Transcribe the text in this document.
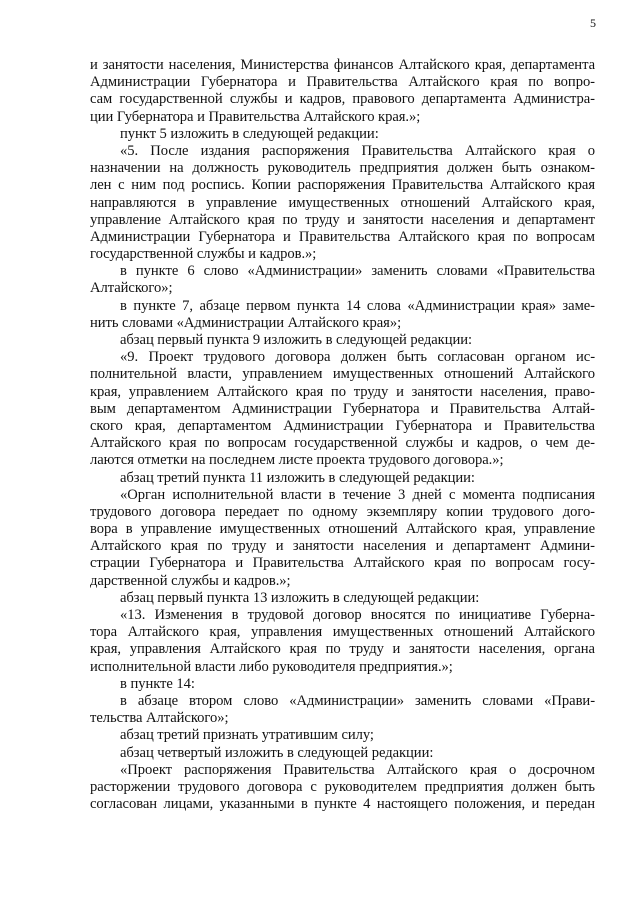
5
и занятости населения, Министерства финансов Алтайского края, департамента
Администрации Губернатора и Правительства Алтайского края по вопро-
сам государственной службы и кадров, правового департамента Администра-
ции Губернатора и Правительства Алтайского края.»;
пункт 5 изложить в следующей редакции:
«5. После издания распоряжения Правительства Алтайского края о
назначении на должность руководитель предприятия должен быть ознаком-
лен с ним под роспись. Копии распоряжения Правительства Алтайского края
направляются в управление имущественных отношений Алтайского края,
управление Алтайского края по труду и занятости населения и департамент
Администрации Губернатора и Правительства Алтайского края по вопросам
государственной службы и кадров.»;
в пункте 6 слово «Администрации» заменить словами «Правительства
Алтайского»;
в пункте 7, абзаце первом пункта 14 слова «Администрации края» заме-
нить словами «Администрации Алтайского края»;
абзац первый пункта 9 изложить в следующей редакции:
«9. Проект трудового договора должен быть согласован органом ис-
полнительной власти, управлением имущественных отношений Алтайского
края, управлением Алтайского края по труду и занятости населения, право-
вым департаментом Администрации Губернатора и Правительства Алтай-
ского края, департаментом Администрации Губернатора и Правительства
Алтайского края по вопросам государственной службы и кадров, о чем де-
лаются отметки на последнем листе проекта трудового договора.»;
абзац третий пункта 11 изложить в следующей редакции:
«Орган исполнительной власти в течение 3 дней с момента подписания
трудового договора передает по одному экземпляру копии трудового дого-
вора в управление имущественных отношений Алтайского края, управление
Алтайского края по труду и занятости населения и департамент Админи-
страции Губернатора и Правительства Алтайского края по вопросам госу-
дарственной службы и кадров.»;
абзац первый пункта 13 изложить в следующей редакции:
«13. Изменения в трудовой договор вносятся по инициативе Губерна-
тора Алтайского края, управления имущественных отношений Алтайского
края, управления Алтайского края по труду и занятости населения, органа
исполнительной власти либо руководителя предприятия.»;
в пункте 14:
в абзаце втором слово «Администрации» заменить словами «Прави-
тельства Алтайского»;
абзац третий признать утратившим силу;
абзац четвертый изложить в следующей редакции:
«Проект распоряжения Правительства Алтайского края о досрочном
расторжении трудового договора с руководителем предприятия должен быть
согласован лицами, указанными в пункте 4 настоящего положения, и передан
